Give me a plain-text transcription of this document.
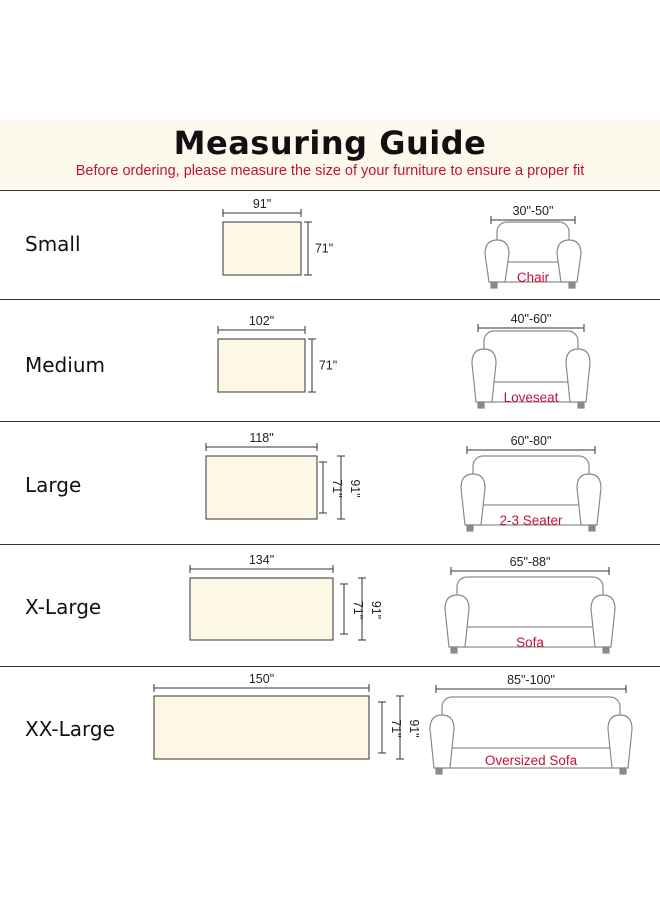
Measuring Guide
Before ordering, please measure the size of your furniture to ensure a proper fit
Small
Medium
Large
X-Large
XX-Large
91"
71"
30"-50"
Chair
102"
71"
40"-60"
Loveseat
118"
71" 91"
60"-80"
2-3 Seater
134"
71" 91"
65"-88"
Sofa
150"
71" 91"
85"-100"
Oversized Sofa
